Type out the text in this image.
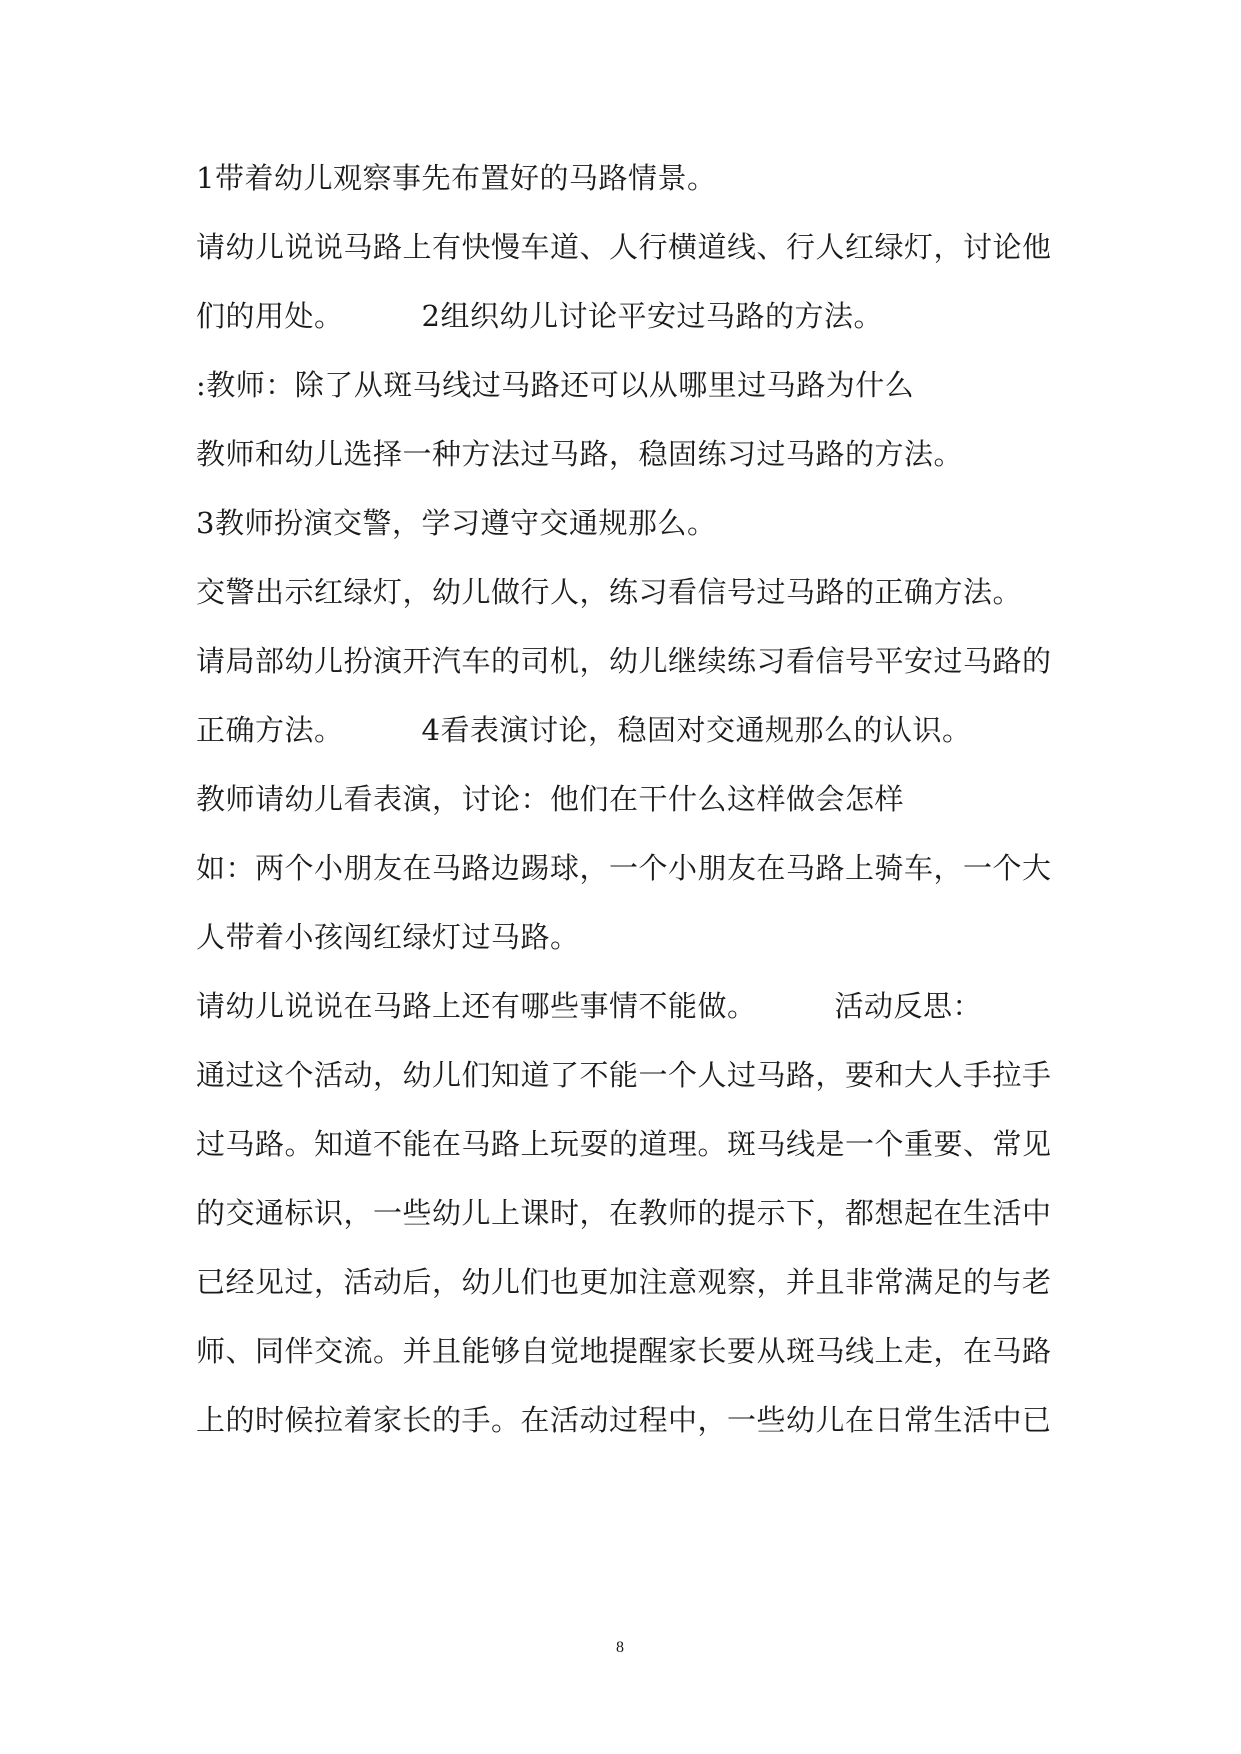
1带着幼儿观察事先布置好的马路情景。
请幼儿说说马路上有快慢车道、人行横道线、行人红绿灯，讨论他
们的用处。	2组织幼儿讨论平安过马路的方法。
:教师：除了从斑马线过马路还可以从哪里过马路为什么
教师和幼儿选择一种方法过马路，稳固练习过马路的方法。
3教师扮演交警，学习遵守交通规那么。
交警出示红绿灯，幼儿做行人，练习看信号过马路的正确方法。
请局部幼儿扮演开汽车的司机，幼儿继续练习看信号平安过马路的
正确方法。	4看表演讨论，稳固对交通规那么的认识。
教师请幼儿看表演，讨论：他们在干什么这样做会怎样
如：两个小朋友在马路边踢球，一个小朋友在马路上骑车，一个大
人带着小孩闯红绿灯过马路。
请幼儿说说在马路上还有哪些事情不能做。	活动反思：
通过这个活动，幼儿们知道了不能一个人过马路，要和大人手拉手
过马路。知道不能在马路上玩耍的道理。斑马线是一个重要、常见
的交通标识，一些幼儿上课时，在教师的提示下，都想起在生活中
已经见过，活动后，幼儿们也更加注意观察，并且非常满足的与老
师、同伴交流。并且能够自觉地提醒家长要从斑马线上走，在马路
上的时候拉着家长的手。在活动过程中，一些幼儿在日常生活中已
8
